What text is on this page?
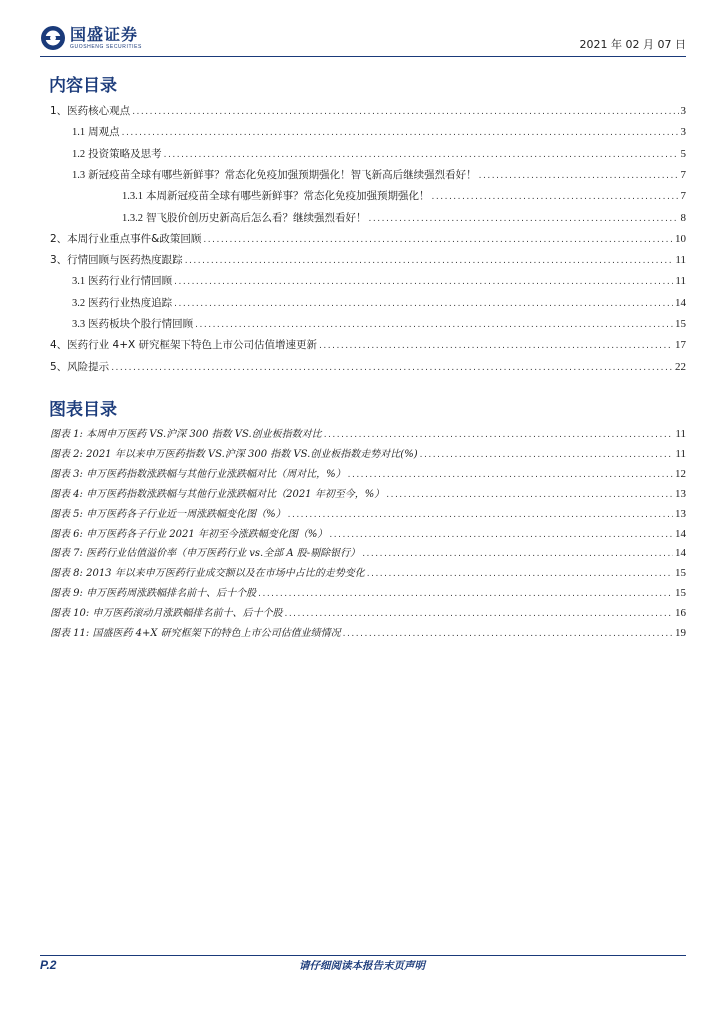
国盛证券
GUOSHENG SECURITIES	2021 年 02 月 07 日
内容目录
1、医药核心观点 .....	3
1.1 周观点 .....	3
1.2 投资策略及思考 .....	5
1.3 新冠疫苗全球有哪些新鲜事？常态化免疫加强预期强化！智飞新高后继续强烈看好！ .....	7
1.3.1 本周新冠疫苗全球有哪些新鲜事？常态化免疫加强预期强化！ .....	7
1.3.2 智飞股价创历史新高后怎么看？继续强烈看好！ .....	8
2、本周行业重点事件&政策回顾 .....	10
3、行情回顾与医药热度跟踪 .....	11
3.1 医药行业行情回顾 .....	11
3.2 医药行业热度追踪 .....	14
3.3 医药板块个股行情回顾 .....	15
4、医药行业 4+X 研究框架下特色上市公司估值增速更新 .....	17
5、风险提示 .....	22
图表目录
图表 1: 本周申万医药 VS.沪深 300 指数 VS.创业板指数对比 .....	11
图表 2: 2021 年以来申万医药指数 VS.沪深 300 指数 VS.创业板指数走势对比(%) .....	11
图表 3: 申万医药指数涨跌幅与其他行业涨跌幅对比（周对比，%） .....	12
图表 4: 申万医药指数涨跌幅与其他行业涨跌幅对比（2021 年初至今，%） .....	13
图表 5: 申万医药各子行业近一周涨跌幅变化图（%） .....	13
图表 6: 申万医药各子行业 2021 年初至今涨跌幅变化图（%） .....	14
图表 7: 医药行业估值溢价率（申万医药行业 vs.全部 A 股-剔除银行） .....	14
图表 8: 2013 年以来申万医药行业成交额以及在市场中占比的走势变化 .....	15
图表 9: 申万医药周涨跌幅排名前十、后十个股 .....	15
图表 10: 申万医药滚动月涨跌幅排名前十、后十个股 .....	16
图表 11: 国盛医药 4+X 研究框架下的特色上市公司估值业绩情况 .....	19
P.2	请仔细阅读本报告末页声明
